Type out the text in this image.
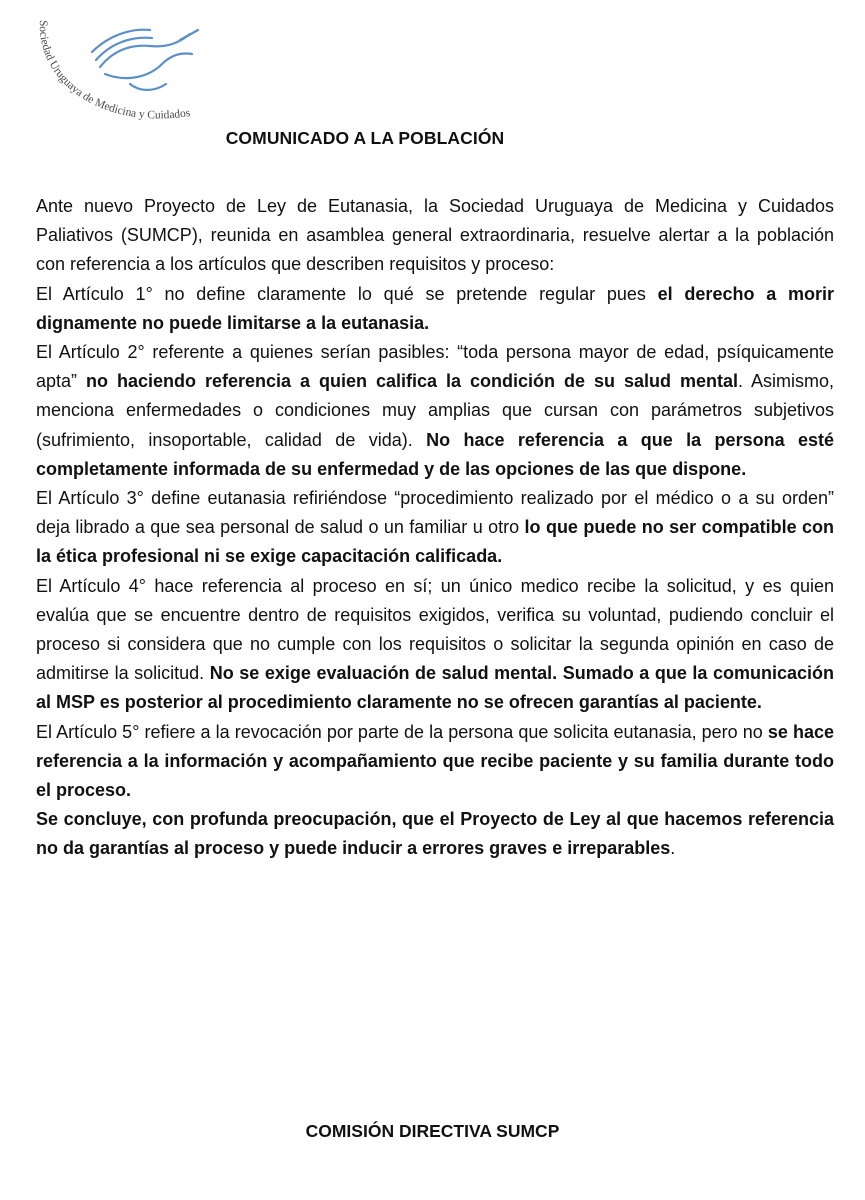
Sociedad Uruguaya de Medicina y Cuidados
COMUNICADO A LA POBLACIÓN

Ante nuevo Proyecto de Ley de Eutanasia, la Sociedad Uruguaya de Medicina y Cuidados Paliativos (SUMCP), reunida en asamblea general extraordinaria, resuelve alertar a la población con referencia a los artículos que describen requisitos y proceso:

El Artículo 1° no define claramente lo qué se pretende regular pues el derecho a morir dignamente no puede limitarse a la eutanasia.

El Artículo 2° referente a quienes serían pasibles: “toda persona mayor de edad, psíquicamente apta” no haciendo referencia a quien califica la condición de su salud mental. Asimismo, menciona enfermedades o condiciones muy amplias que cursan con parámetros subjetivos (sufrimiento, insoportable, calidad de vida). No hace referencia a que la persona esté completamente informada de su enfermedad y de las opciones de las que dispone.

El Artículo 3° define eutanasia refiriéndose “procedimiento realizado por el médico o a su orden” deja librado a que sea personal de salud o un familiar u otro lo que puede no ser compatible con la ética profesional ni se exige capacitación calificada.

El Artículo 4° hace referencia al proceso en sí; un único medico recibe la solicitud, y es quien evalúa que se encuentre dentro de requisitos exigidos, verifica su voluntad, pudiendo concluir el proceso si considera que no cumple con los requisitos o solicitar la segunda opinión en caso de admitirse la solicitud. No se exige evaluación de salud mental. Sumado a que la comunicación al MSP es posterior al procedimiento claramente no se ofrecen garantías al paciente.

El Artículo 5° refiere a la revocación por parte de la persona que solicita eutanasia, pero no se hace referencia a la información y acompañamiento que recibe paciente y su familia durante todo el proceso.

Se concluye, con profunda preocupación, que el Proyecto de Ley al que hacemos referencia no da garantías al proceso y puede inducir a errores graves e irreparables.

COMISIÓN DIRECTIVA SUMCP
